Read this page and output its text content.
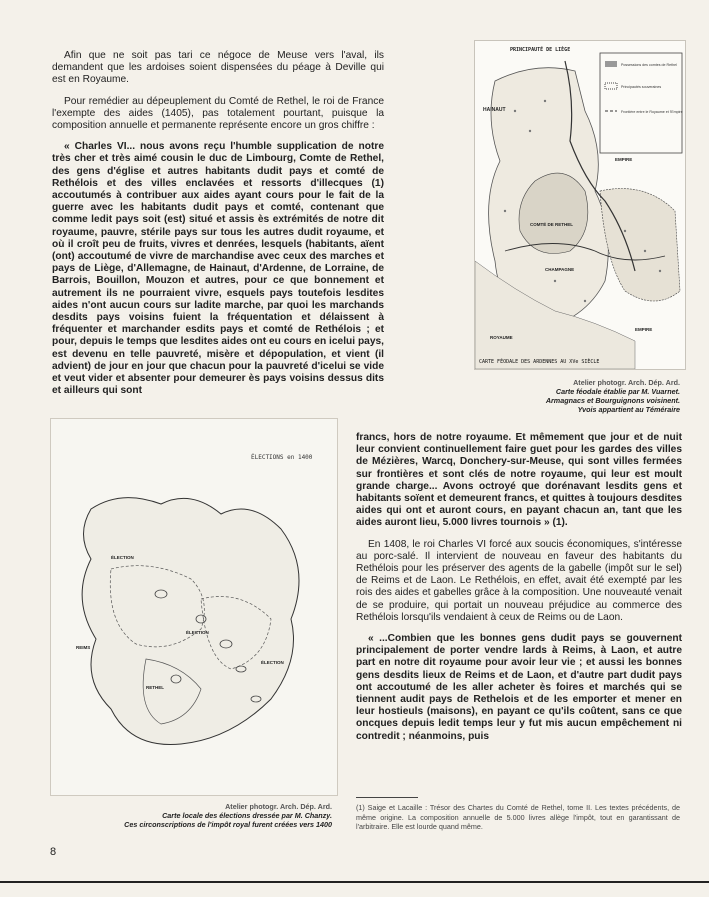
Afin que ne soit pas tari ce négoce de Meuse vers l'aval, ils demandent que les ardoises soient dispensées du péage à Deville qui est en Royaume.

Pour remédier au dépeuplement du Comté de Rethel, le roi de France l'exempte des aides (1405), pas totalement pourtant, puisque la composition annuelle et permanente représente encore un gros chiffre :

« Charles VI... nous avons reçu l'humble supplication de notre très cher et très aimé cousin le duc de Limbourg, Comte de Rethel, des gens d'église et autres habitants dudit pays et comté de Rethélois et des villes enclavées et ressorts d'illecques (1) accoutumés à contribuer aux aides ayant cours pour le fait de la guerre avec les habitants dudit pays et comté, contenant que comme ledit pays soit (est) situé et assis ès extrémités de notre dit royaume, pauvre, stérile pays sur tous les autres dudit royaume, et où il croît peu de fruits, vivres et denrées, lesquels (habitants, aïent (ont) accoutumé de vivre de marchandise avec ceux des marches et pays de Liège, d'Allemagne, de Hainaut, d'Ardenne, de Lorraine, de Barrois, Bouillon, Mouzon et autres, pour ce que bonnement et autrement ils ne pourraient vivre, esquels pays toutefois lesdites aides n'ont aucun cours sur ladite marche, par quoi les marchands desdits pays voisins fuient la fréquentation et délaissent à fréquenter et marchander esdits pays et comté de Rethélois ; et pour, depuis le temps que lesdites aides ont eu cours en icelui pays, est devenu en telle pauvreté, misère et dépopulation, et vient (il advient) de jour en jour que chacun pour la pauvreté d'icelui se vide et veut vider et absenter pour demeurer ès pays voisins dessus dits et ailleurs qui sont

Possessions des comtes de Rethel
Principautés souveraines
Frontière entre le Royaume et l'Empire
PRINCIPAUTÉ DE LIÈGE
HAINAUT
COMTÉ DE RETHEL
EMPIRE
CHAMPAGNE
ROYAUME
EMPIRE
CARTE FÉODALE DES ARDENNES AU XVe SIÈCLE
Atelier photogr. Arch. Dép. Ard.
Carte féodale établie par M. Vuarnet.
Armagnacs et Bourguignons voisinent.
Yvois appartient au Téméraire
ÉLECTIONS en 1400
ÉLECTION
ÉLECTION
REIMS
RETHEL
ÉLECTION
Atelier photogr. Arch. Dép. Ard.
Carte locale des élections dressée par M. Chanzy.
Ces circonscriptions de l'impôt royal furent créées vers 1400
francs, hors de notre royaume. Et mêmement que jour et de nuit leur convient continuellement faire guet pour les gardes des villes de Mézières, Warcq, Donchery-sur-Meuse, qui sont villes fermées sur frontières et sont clés de notre royaume, qui leur est moult grande charge... Avons octroyé que dorénavant lesdits gens et habitants soïent et demeurent francs, et quittes à toujours desdites aides qui ont et auront cours, en payant chacun an, tant que les aides auront lieu, 5.000 livres tournois » (1).

En 1408, le roi Charles VI forcé aux soucis économiques, s'intéresse au porc-salé. Il intervient de nouveau en faveur des habitants du Rethélois pour les préserver des agents de la gabelle (impôt sur le sel) de Reims et de Laon. Le Rethélois, en effet, avait été exempté par les rois des aides et gabelles grâce à la composition. Une nouveauté venait de se produire, qui portait un nouveau préjudice au commerce des Rethélois lorsqu'ils vendaient à ceux de Reims ou de Laon.

« ...Combien que les bonnes gens dudit pays se gouvernent principalement de porter vendre lards à Reims, à Laon, et autre part en notre dit royaume pour avoir leur vie ; et aussi les bonnes gens desdits lieux de Reims et de Laon, et d'autre part dudit pays ont accoutumé de les aller acheter ès foires et marchés qui se tiennent audit pays de Rethelois et de les emporter et mener en leur hostieuls (maisons), en payant ce qu'ils coûtent, sans ce que oncques depuis ledit temps leur y fut mis aucun empêchement ni contredit ; néanmoins, puis

(1) Saige et Lacaille : Trésor des Chartes du Comté de Rethel, tome II. Les textes précédents, de même origine. La composition annuelle de 5.000 livres allège l'impôt, tout en garantissant de l'arbitraire. Elle est lourde quand même.
8
